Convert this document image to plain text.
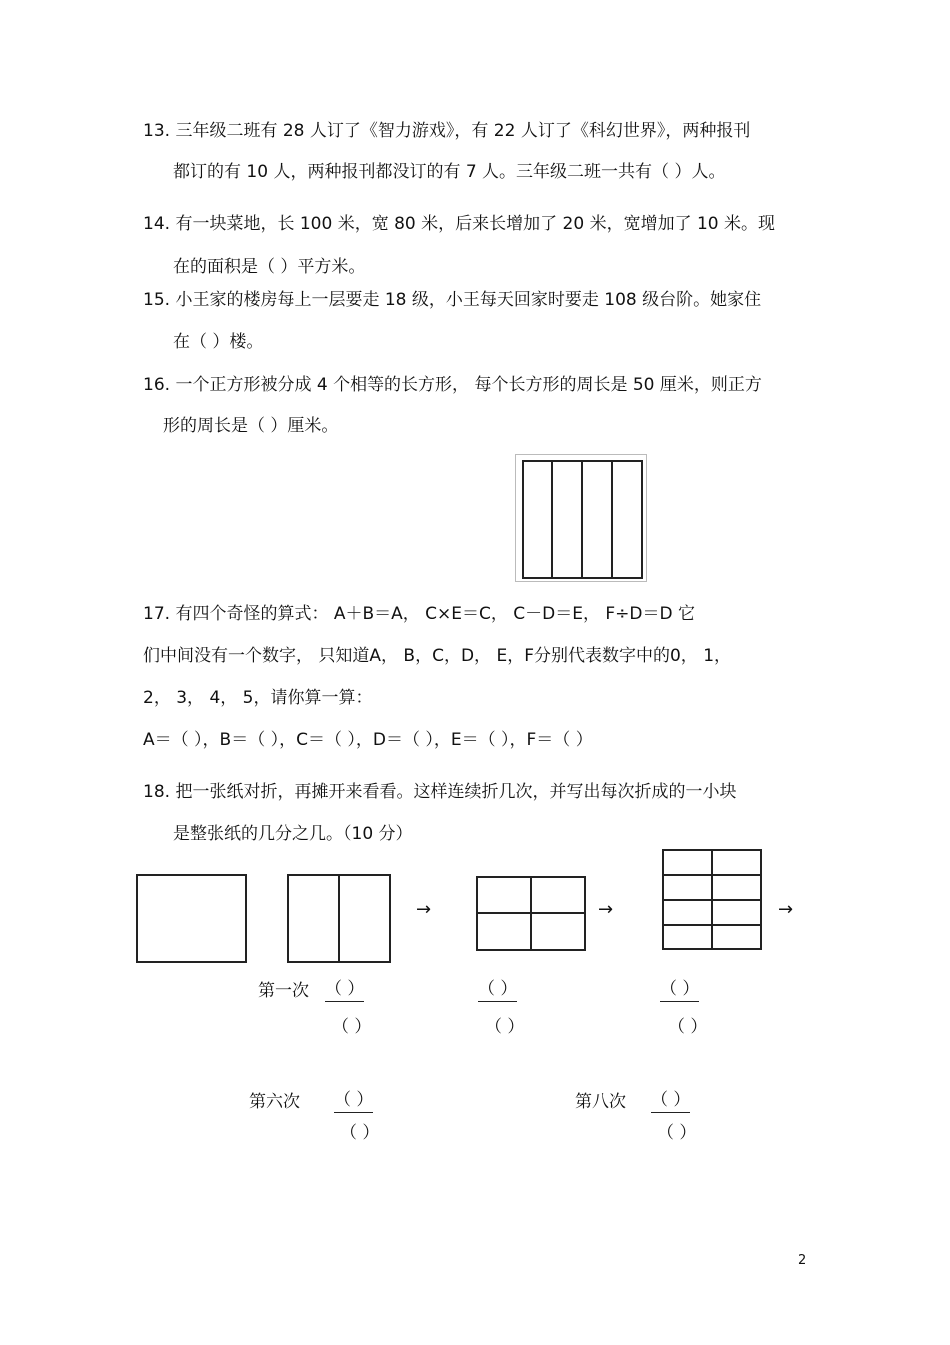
13. 三年级二班有 28 人订了《智力游戏》，有 22 人订了《科幻世界》，两种报刊
都订的有 10 人，两种报刊都没订的有 7 人。三年级二班一共有（ ）人。
14. 有一块菜地，长 100 米，宽 80 米，后来长增加了 20 米，宽增加了 10 米。现
在的面积是（ ）平方米。
15. 小王家的楼房每上一层要走 18 级，小王每天回家时要走 108 级台阶。她家住
在（ ）楼。
16. 一个正方形被分成 4 个相等的长方形， 每个长方形的周长是 50 厘米，则正方
形的周长是（ ）厘米。
17. 有四个奇怪的算式： A＋B＝A， C×E＝C， C－D＝E， F÷D＝D 它
们中间没有一个数字， 只知道A， B，C，D， E，F分别代表数字中的0， 1，
2， 3， 4， 5，请你算一算：
A＝（ ），B＝（ ），C＝（ ），D＝（ ），E＝（ ），F＝（ ）
18. 把一张纸对折，再摊开来看看。这样连续折几次，并写出每次折成的一小块
是整张纸的几分之几。（10 分）
→	→	→
第一次 （ ）	（ ）	（ ）
（ ）	（ ）	（ ）
第六次 （ ）
（ ）
第八次 （ ）
（ ）
2
